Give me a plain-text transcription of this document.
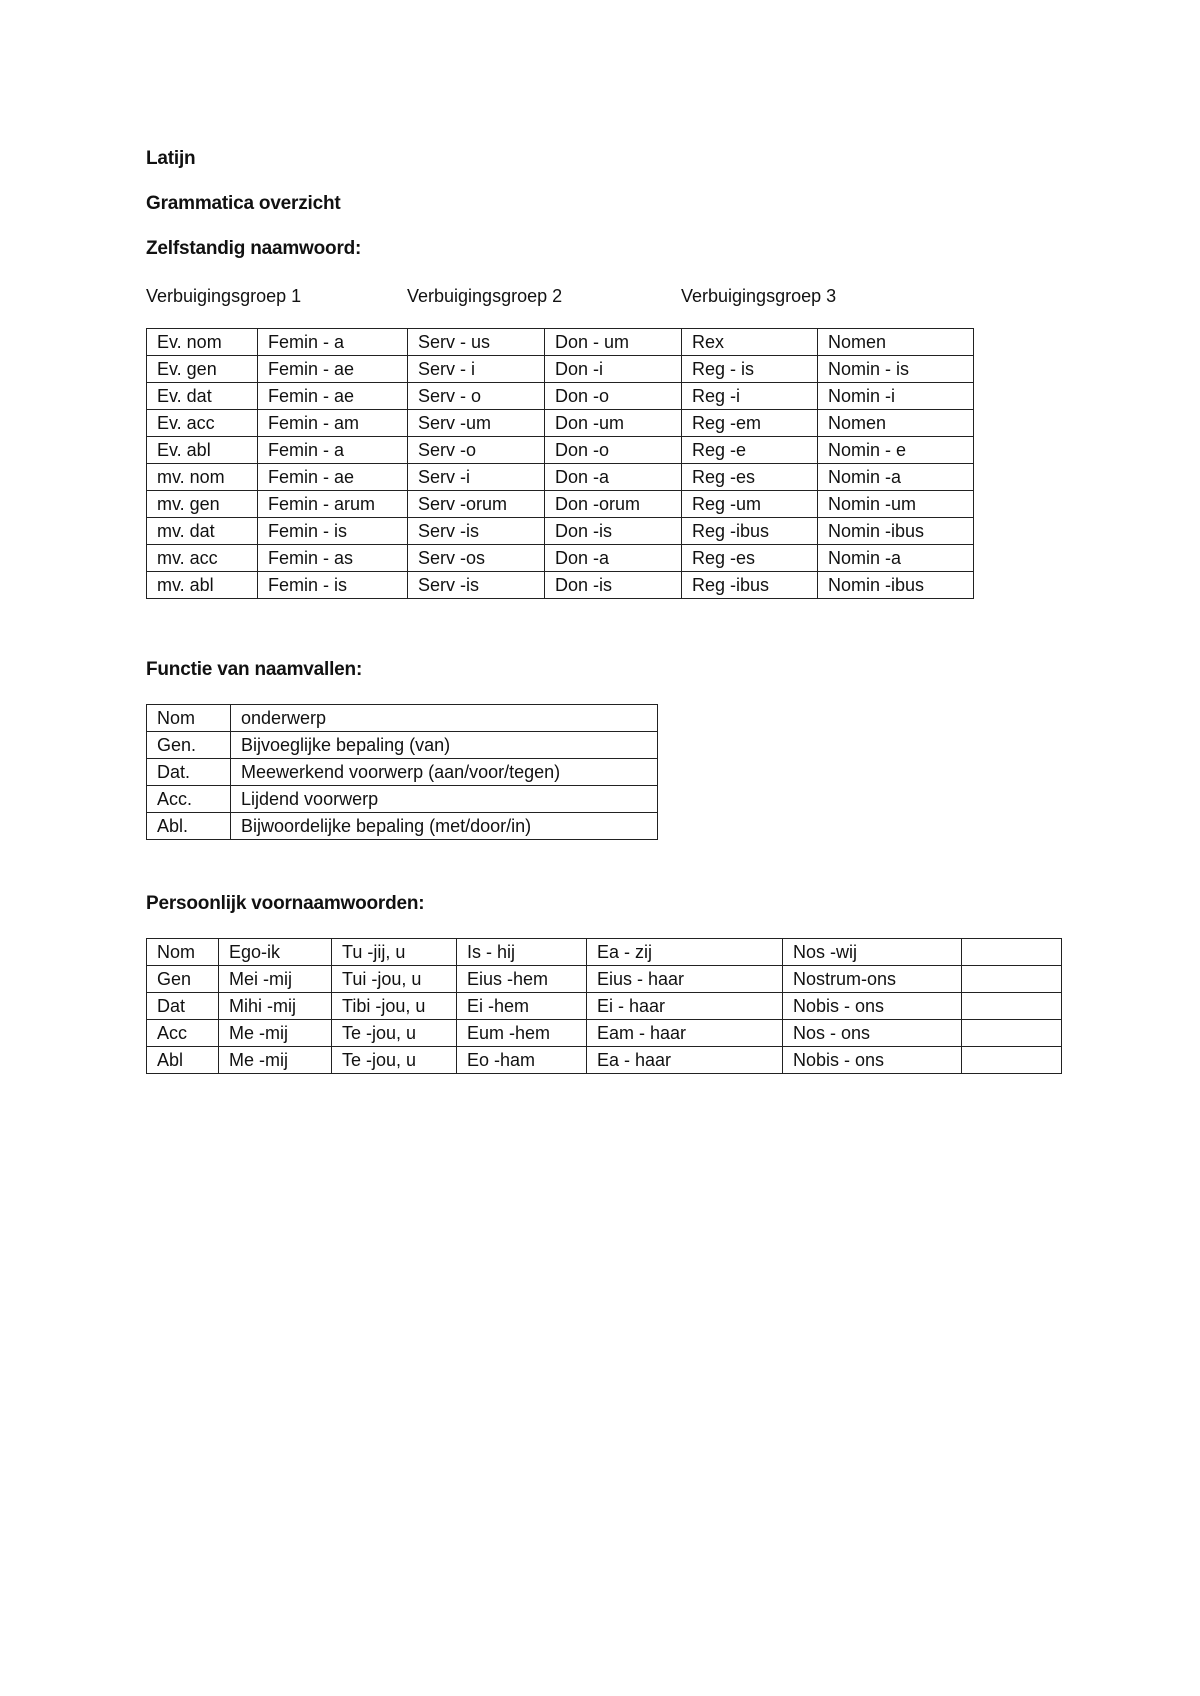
Latijn
Grammatica overzicht
Zelfstandig naamwoord:
Verbuigingsgroep 1	Verbuigingsgroep 2	Verbuigingsgroep 3
Ev. nom	Femin - a	Serv - us	Don - um	Rex	Nomen
Ev. gen	Femin - ae	Serv - i	Don -i	Reg - is	Nomin - is
Ev. dat	Femin - ae	Serv - o	Don -o	Reg -i	Nomin -i
Ev. acc	Femin - am	Serv -um	Don -um	Reg -em	Nomen
Ev. abl	Femin - a	Serv -o	Don -o	Reg -e	Nomin - e
mv. nom	Femin - ae	Serv -i	Don -a	Reg -es	Nomin -a
mv. gen	Femin - arum	Serv -orum	Don -orum	Reg -um	Nomin -um
mv. dat	Femin - is	Serv -is	Don -is	Reg -ibus	Nomin -ibus
mv. acc	Femin - as	Serv -os	Don -a	Reg -es	Nomin -a
mv. abl	Femin - is	Serv -is	Don -is	Reg -ibus	Nomin -ibus
Functie van naamvallen:
Nom	onderwerp
Gen.	Bijvoeglijke bepaling (van)
Dat.	Meewerkend voorwerp (aan/voor/tegen)
Acc.	Lijdend voorwerp
Abl.	Bijwoordelijke bepaling (met/door/in)
Persoonlijk voornaamwoorden:
Nom	Ego-ik	Tu -jij, u	Is - hij	Ea - zij	Nos -wij	
Gen	Mei -mij	Tui -jou, u	Eius -hem	Eius - haar	Nostrum-ons	
Dat	Mihi -mij	Tibi -jou, u	Ei -hem	Ei - haar	Nobis - ons	
Acc	Me -mij	Te -jou, u	Eum -hem	Eam - haar	Nos - ons	
Abl	Me -mij	Te -jou, u	Eo -ham	Ea - haar	Nobis - ons	
